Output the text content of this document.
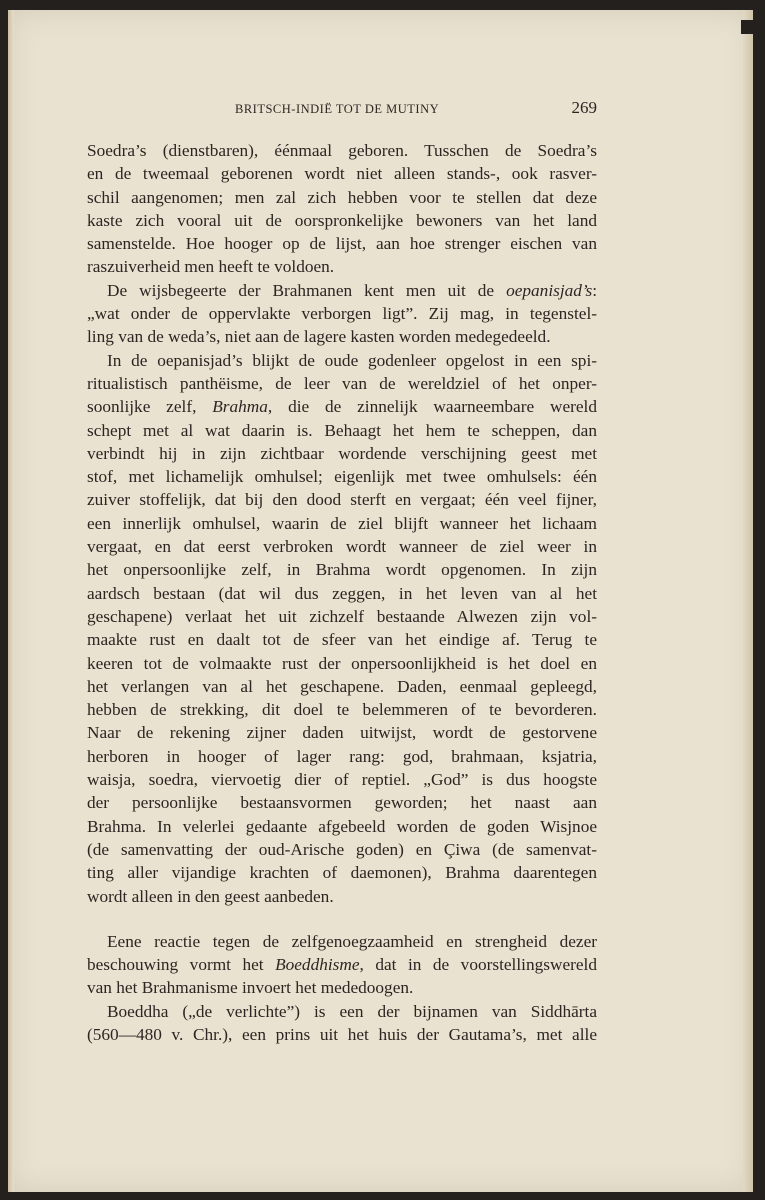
BRITSCH-INDIË TOT DE MUTINY	269
Soedra’s (dienstbaren), éénmaal geboren. Tusschen de Soedra’s
en de tweemaal geborenen wordt niet alleen stands-, ook rasver-
schil aangenomen; men zal zich hebben voor te stellen dat deze
kaste zich vooral uit de oorspronkelijke bewoners van het land
samenstelde. Hoe hooger op de lijst, aan hoe strenger eischen van
raszuiverheid men heeft te voldoen.
De wijsbegeerte der Brahmanen kent men uit de oepanisjad’s:
„wat onder de oppervlakte verborgen ligt”. Zij mag, in tegenstel-
ling van de weda’s, niet aan de lagere kasten worden medegedeeld.
In de oepanisjad’s blijkt de oude godenleer opgelost in een spi-
ritualistisch panthëisme, de leer van de wereldziel of het onper-
soonlijke zelf, Brahma, die de zinnelijk waarneembare wereld
schept met al wat daarin is. Behaagt het hem te scheppen, dan
verbindt hij in zijn zichtbaar wordende verschijning geest met
stof, met lichamelijk omhulsel; eigenlijk met twee omhulsels: één
zuiver stoffelijk, dat bij den dood sterft en vergaat; één veel fijner,
een innerlijk omhulsel, waarin de ziel blijft wanneer het lichaam
vergaat, en dat eerst verbroken wordt wanneer de ziel weer in
het onpersoonlijke zelf, in Brahma wordt opgenomen. In zijn
aardsch bestaan (dat wil dus zeggen, in het leven van al het
geschapene) verlaat het uit zichzelf bestaande Alwezen zijn vol-
maakte rust en daalt tot de sfeer van het eindige af. Terug te
keeren tot de volmaakte rust der onpersoonlijkheid is het doel en
het verlangen van al het geschapene. Daden, eenmaal gepleegd,
hebben de strekking, dit doel te belemmeren of te bevorderen.
Naar de rekening zijner daden uitwijst, wordt de gestorvene
herboren in hooger of lager rang: god, brahmaan, ksjatria,
waisja, soedra, viervoetig dier of reptiel. „God” is dus hoogste
der persoonlijke bestaansvormen geworden; het naast aan
Brahma. In velerlei gedaante afgebeeld worden de goden Wisjnoe
(de samenvatting der oud-Arische goden) en Çiwa (de samenvat-
ting aller vijandige krachten of daemonen), Brahma daarentegen
wordt alleen in den geest aanbeden.
Eene reactie tegen de zelfgenoegzaamheid en strengheid dezer
beschouwing vormt het Boeddhisme, dat in de voorstellingswereld
van het Brahmanisme invoert het mededoogen.
Boeddha („de verlichte”) is een der bijnamen van Siddhārta
(560—480 v. Chr.), een prins uit het huis der Gautama’s, met alle
